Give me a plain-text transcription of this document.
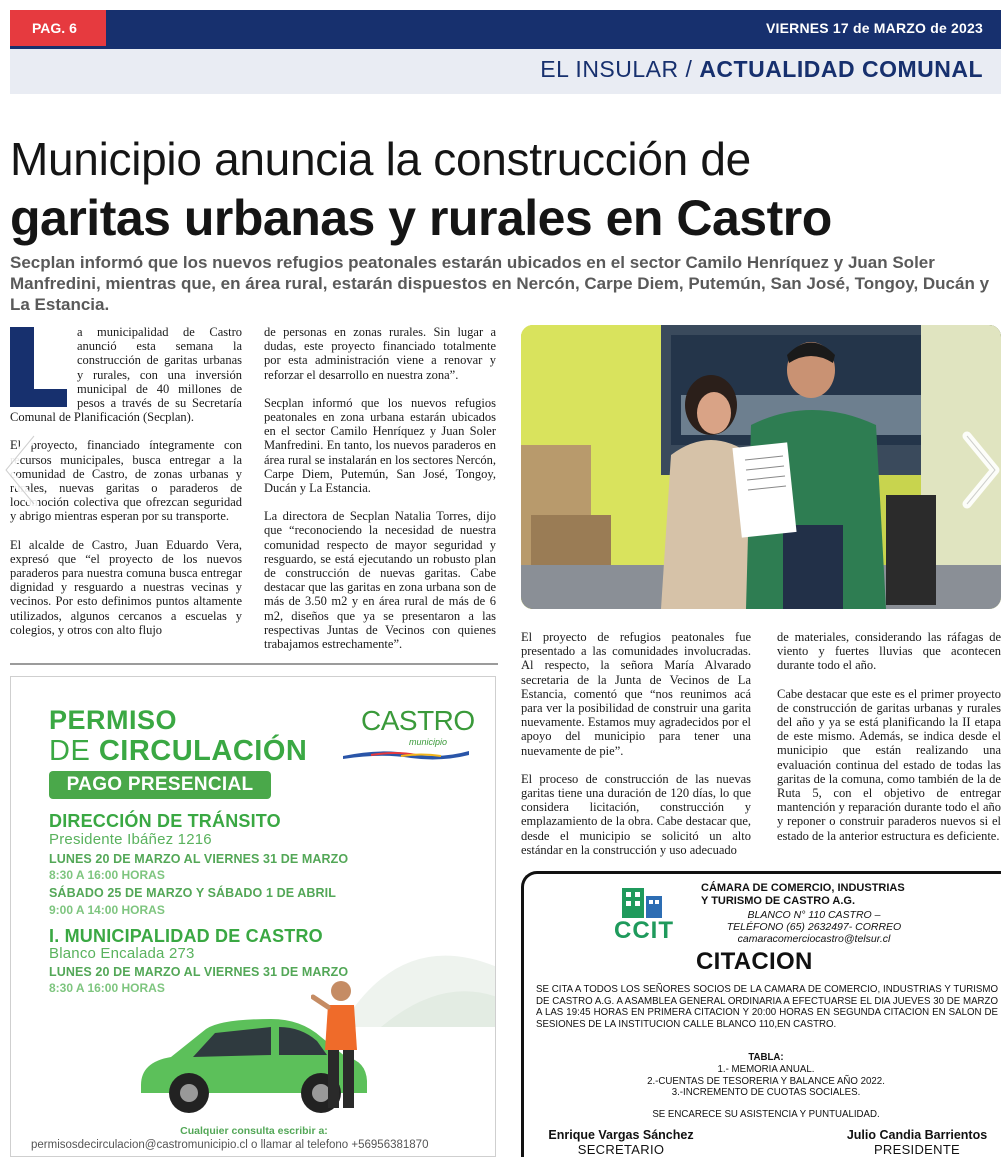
PAG. 6	VIERNES 17 de MARZO de 2023
EL INSULAR / ACTUALIDAD COMUNAL
Municipio anuncia la construcción de
garitas urbanas y rurales en Castro
Secplan informó que los nuevos refugios peatonales estarán ubicados en el sector Camilo Henríquez y Juan Soler Manfredini, mientras que, en área rural, estarán dispuestos en Nercón, Carpe Diem, Putemún, San José, Tongoy, Ducán y La Estancia.

a municipalidad de Castro anunció esta semana la construcción de garitas urbanas y rurales, con una inversión municipal de 40 millones de pesos a través de su Secretaría Comunal de Planificación (Secplan).

El proyecto, financiado íntegramente con recursos municipales, busca entregar a la comunidad de Castro, de zonas urbanas y rurales, nuevas garitas o paraderos de locomoción colectiva que ofrezcan seguridad y abrigo mientras esperan por su transporte.

El alcalde de Castro, Juan Eduardo Vera, expresó que “el proyecto de los nuevos paraderos para nuestra comuna busca entregar dignidad y resguardo a nuestras vecinas y vecinos. Por esto definimos puntos altamente utilizados, algunos cercanos a escuelas y colegios, y otros con alto flujo

de personas en zonas rurales. Sin lugar a dudas, este proyecto financiado totalmente por esta administración viene a renovar y reforzar el desarrollo en nuestra zona”.

Secplan informó que los nuevos refugios peatonales en zona urbana estarán ubicados en el sector Camilo Henríquez y Juan Soler Manfredini. En tanto, los nuevos paraderos en área rural se instalarán en los sectores Nercón, Carpe Diem, Putemún, San José, Tongoy, Ducán y La Estancia.

La directora de Secplan Natalia Torres, dijo que “reconociendo la necesidad de nuestra comunidad respecto de mayor seguridad y resguardo, se está ejecutando un robusto plan de construcción de nuevas garitas. Cabe destacar que las garitas en zona urbana son de más de 3.50 m2 y en área rural de más de 6 m2, diseños que ya se presentaron a las respectivas Juntas de Vecinos con quienes trabajamos estrechamente”.

El proyecto de refugios peatonales fue presentado a las comunidades involucradas. Al respecto, la señora María Alvarado secretaria de la Junta de Vecinos de La Estancia, comentó que “nos reunimos acá para ver la posibilidad de construir una garita nuevamente. Estamos muy agradecidos por el apoyo del municipio para tener una nuevamente de pie”.

El proceso de construcción de las nuevas garitas tiene una duración de 120 días, lo que considera licitación, construcción y emplazamiento de la obra. Cabe destacar que, desde el municipio se solicitó un alto estándar en la construcción y uso adecuado

de materiales, considerando las ráfagas de viento y fuertes lluvias que acontecen durante todo el año.

Cabe destacar que este es el primer proyecto de construcción de garitas urbanas y rurales del año y ya se está planificando la II etapa de este mismo. Además, se indica desde el municipio que están realizando una evaluación continua del estado de todas las garitas de la comuna, como también de la de Ruta 5, con el objetivo de entregar mantención y reparación durante todo el año y reponer o construir paraderos nuevos si el estado de la anterior estructura es deficiente.

PERMISO
DE CIRCULACIÓN
PAGO PRESENCIAL
CASTRO
municipio
DIRECCIÓN DE TRÁNSITO
Presidente Ibáñez 1216
LUNES 20 DE MARZO AL VIERNES 31 DE MARZO
8:30 A 16:00 HORAS
SÁBADO 25 DE MARZO Y SÁBADO 1 DE ABRIL
9:00 A 14:00 HORAS
I. MUNICIPALIDAD DE CASTRO
Blanco Encalada 273
LUNES 20 DE MARZO AL VIERNES 31 DE MARZO
8:30 A 16:00 HORAS
Cualquier consulta escribir a:
permisosdecirculacion@castromunicipio.cl o llamar al telefono +56956381870
CCIT
CÁMARA DE COMERCIO, INDUSTRIAS
Y TURISMO DE CASTRO A.G.
BLANCO N° 110 CASTRO –
TELÉFONO (65) 2632497- CORREO
camaracomerciocastro@telsur.cl
CITACION
SE CITA A TODOS LOS SEÑORES SOCIOS DE LA CAMARA DE COMERCIO, INDUSTRIAS Y TURISMO DE CASTRO A.G. A ASAMBLEA GENERAL ORDINARIA A EFECTUARSE EL DIA JUEVES 30 DE MARZO A LAS 19:45 HORAS EN PRIMERA CITACION Y 20:00 HORAS EN SEGUNDA CITACION EN SALON DE SESIONES DE LA INSTITUCION CALLE BLANCO 110,EN CASTRO.
TABLA:
1.- MEMORIA ANUAL.
2.-CUENTAS DE TESORERIA Y BALANCE AÑO 2022.
3.-INCREMENTO DE CUOTAS SOCIALES.
SE ENCARECE SU ASISTENCIA Y PUNTUALIDAD.
Enrique Vargas Sánchez
SECRETARIO
Julio Candia Barrientos
PRESIDENTE
